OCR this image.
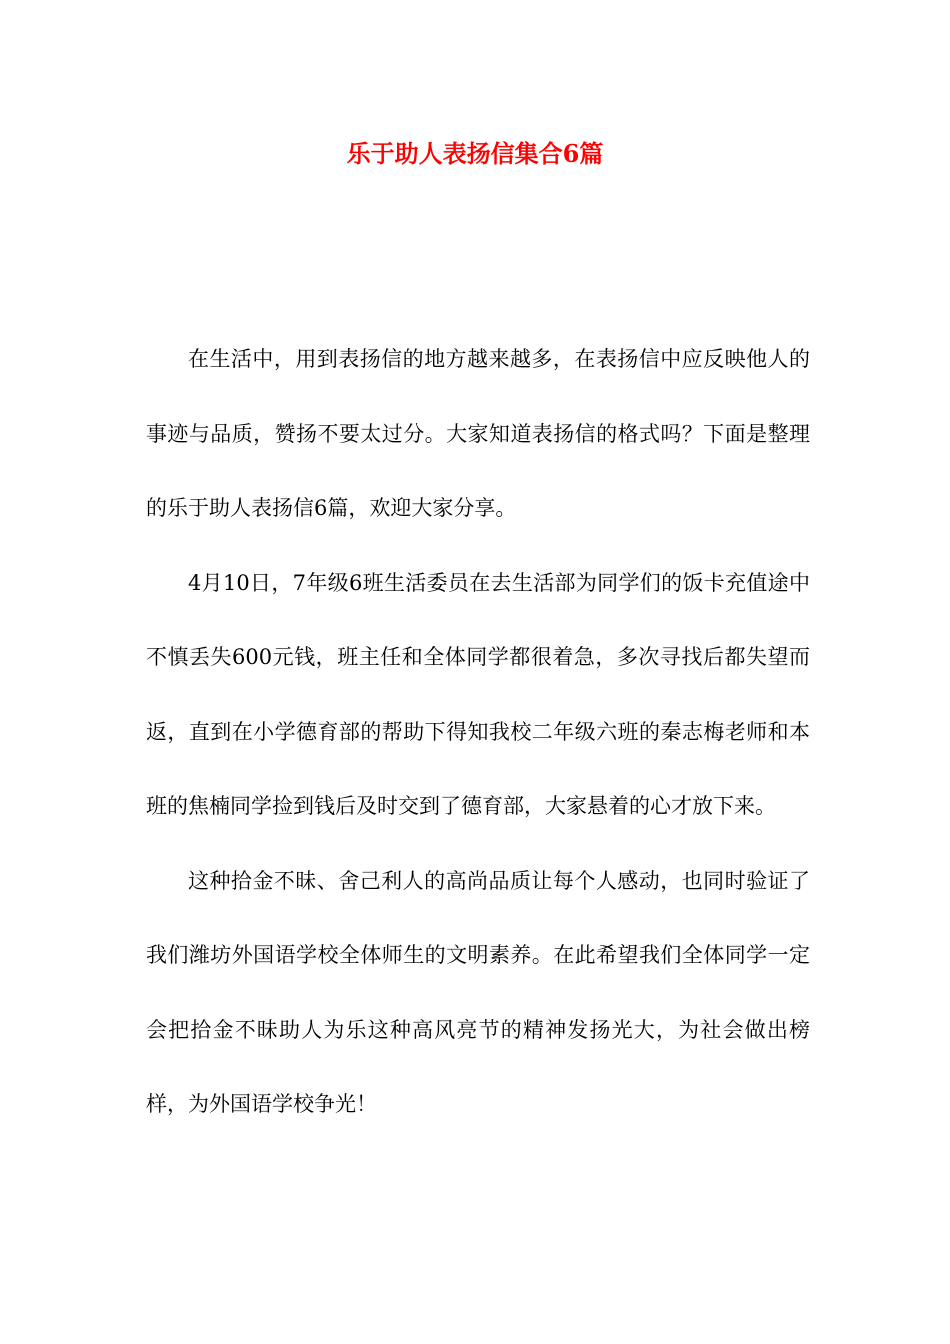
乐于助人表扬信集合6篇

在生活中，用到表扬信的地方越来越多，在表扬信中应反映他人的事迹与品质，赞扬不要太过分。大家知道表扬信的格式吗？下面是整理的乐于助人表扬信6篇，欢迎大家分享。

4月10日，7年级6班生活委员在去生活部为同学们的饭卡充值途中不慎丢失600元钱，班主任和全体同学都很着急，多次寻找后都失望而返，直到在小学德育部的帮助下得知我校二年级六班的秦志梅老师和本班的焦楠同学捡到钱后及时交到了德育部，大家悬着的心才放下来。

这种拾金不昧、舍己利人的高尚品质让每个人感动，也同时验证了我们潍坊外国语学校全体师生的文明素养。在此希望我们全体同学一定会把拾金不昧助人为乐这种高风亮节的精神发扬光大，为社会做出榜样，为外国语学校争光！
